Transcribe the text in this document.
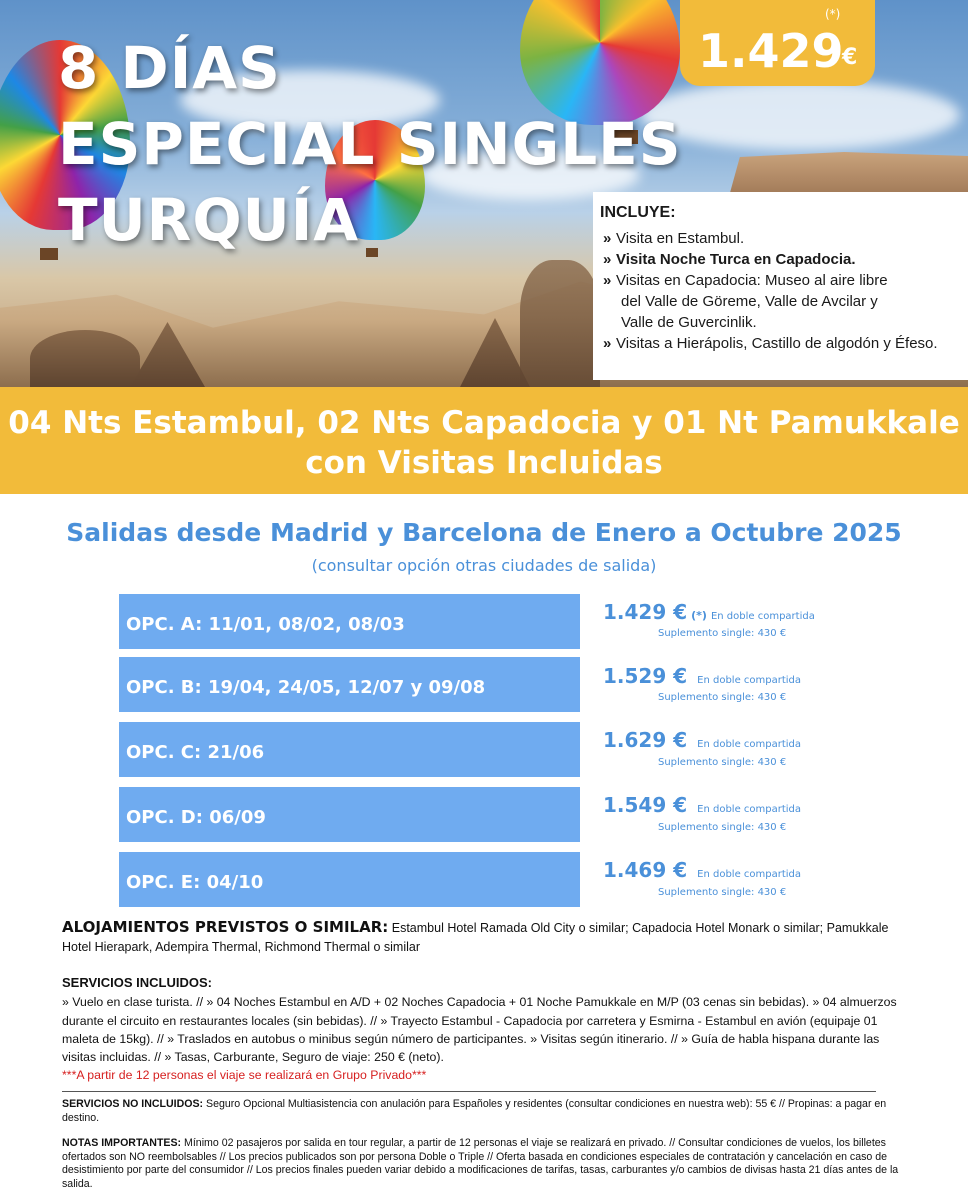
8 DÍAS
ESPECIAL SINGLES
TURQUÍA
(*)
1.429
€
INCLUYE:
» Visita en Estambul.
» Visita Noche Turca en Capadocia.
» Visitas en Capadocia: Museo al aire libre
del Valle de Göreme, Valle de Avcilar y
Valle de Guvercinlik.
» Visitas a Hierápolis, Castillo de algodón y Éfeso.
04 Nts Estambul, 02 Nts Capadocia y 01 Nt Pamukkale
con Visitas Incluidas
Salidas desde Madrid y Barcelona de Enero a Octubre 2025
(consultar opción otras ciudades de salida)
OPC. A: 11/01, 08/02, 08/03
1.429 € (*) En doble compartida
Suplemento single: 430 €
OPC. B: 19/04, 24/05, 12/07 y 09/08	1.529 € En doble compartida
Suplemento single: 430 €
OPC. C: 21/06
1.629 € En doble compartida
Suplemento single: 430 €
OPC. D: 06/09
1.549 € En doble compartida
Suplemento single: 430 €
OPC. E: 04/10
1.469 € En doble compartida
Suplemento single: 430 €
ALOJAMIENTOS PREVISTOS O SIMILAR: Estambul Hotel Ramada Old City o similar; Capadocia Hotel Monark o similar; Pamukkale Hotel Hierapark, Adempira Thermal, Richmond Thermal o similar
SERVICIOS INCLUIDOS:
» Vuelo en clase turista. // » 04 Noches Estambul en A/D + 02 Noches Capadocia + 01 Noche Pamukkale en M/P (03 cenas sin bebidas). » 04 almuerzos durante el circuito en restaurantes locales (sin bebidas). // » Trayecto Estambul - Capadocia por carretera y Esmirna - Estambul en avión (equipaje 01 maleta de 15kg). // » Traslados en autobus o minibus según número de participantes. » Visitas según itinerario. // » Guía de habla hispana durante las visitas incluidas. // » Tasas, Carburante, Seguro de viaje: 250 € (neto).
***A partir de 12 personas el viaje se realizará en Grupo Privado***
SERVICIOS NO INCLUIDOS: Seguro Opcional Multiasistencia con anulación para Españoles y residentes (consultar condiciones en nuestra web): 55 € // Propinas: a pagar en destino.
NOTAS IMPORTANTES: Mínimo 02 pasajeros por salida en tour regular, a partir de 12 personas el viaje se realizará en privado. // Consultar condiciones de vuelos, los billetes ofertados son NO reembolsables // Los precios publicados son por persona Doble o Triple // Oferta basada en condiciones especiales de contratación y cancelación en caso de desistimiento por parte del consumidor // Los precios finales pueden variar debido a modificaciones de tarifas, tasas, carburantes y/o cambios de divisas hasta 21 días antes de la salida.
